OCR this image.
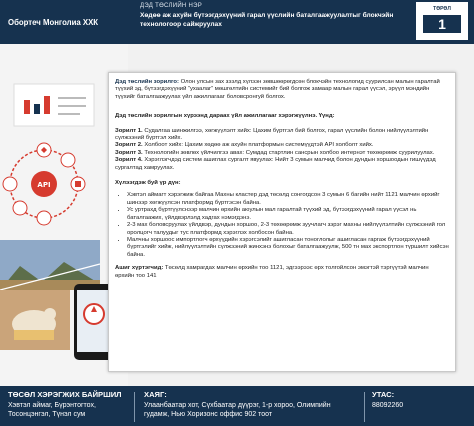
Обортеч Монголиа ХХК
ДЭД ТӨСЛИЙН НЭР
Хөдөө аж ахуйн бүтээгдэхүүний гарал үүслийн баталгаажуулалтыг блокчэйн технологоор сайжруулах
ТӨРӨЛ
1
API

Дэд төслийн зорилго: Олон улсын зах зээлд хүлээн зөвшөөрөгдсөн блокчэйн технологид суурилсан малын гаралтай түүхий эд, бүтээгдэхүүний “ухаалаг” мөшгөлтийн системийг бий болгож замаар малын гарал үүсэл, эрүүл мэндийн түүхийг баталгаажуулах үйл ажиллагааг боловсронгуй болгох.

Дэд төслийн зорилгын хүрээнд дараах үйл ажиллагааг хэрэгжүүлнэ. Үүнд:

Зорилт 1. Судалгаа шинжилгээ, хөгжүүлэлт хийх: Цахим бүртгэл бий болгох, гарал үүслийн болон нийлүүлэлтийн сүлжээний бүртгэл хийх.

Зорилт 2. Холбоот хийх: Цахим хөдөө аж ахуйн платформын системүүдтэй API холболт хийх.

Зорилт 3. Технологийн зөвлөх үйлчилгээ авах: Сумдад стартлин сансрын холбоо интернэт төхөөрөмж суурилуулах.

Зорилт 4. Хэрэглэгчдэд систем ашиглах сургалт явуулах: Нийт 3 сумын малчид болон дундын хоршоодын гишүүдэд сургалтад хамруулах.

Хүлээгдэж буй үр дүн:

• Хэвтэл аймагт хэрэгжиж байгаа Махны кластер дэд төсөлд сонгогдсон 3 сумын 6 багийн нийт 1121 малчин өрхийг шинээр хөгжүүлсэн платформд бүртгэсэн байна.
• Ус уртрахд бүртгүүлснээр малчин өрхийн аюулын мал гаралтай түүхий эд, бүтээгдэхүүний гарал үүсэл нь баталгаажих, үйлдвэрлэлд хадгах нэмэгдэнэ.
• 2-3 мах боловсруулах үйлдвэр, дундын хоршоо, 2-3 төхөөрөмж зуучлагч зэрэг махны нийлүүлэлтийн сүлжээний гол оролцогч талуудыг тус платформд хэрэглэх холбосон байна.
• Малчны хоршоос импортлогч өрхүүдийн хэрэгсэлийг ашигласан тоноглолыг ашигласан гаргаж бүтээгдэхүүний бүртгэлийг хийж, нийлүүлэлтийн сүлжээний жинхэнэ болохыг баталгаажуулж, 500 тн мах экспортлон түршилт хийсэн байна.

Ашиг хүртэгчид: Төсөлд хамрагдах малчин өрхийн тоо 1121, эдгээрээс өрх толгойлсон эмэгтэй тэргүүтэй малчин өрхийн тоо 141

ТӨСӨЛ ХЭРЭГЖИХ БАЙРШИЛ
Хэвтэл аймаг, Бүрэнтогтох, Тосонцэнгэл, Түнэл сум
ХАЯГ:
Улаанбаатар хот, Сүхбаатар дүүрэг, 1-р хороо, Олимпийн гудамж, Нью Хоризонс оффис 902 тоот
УТАС:
88092260
